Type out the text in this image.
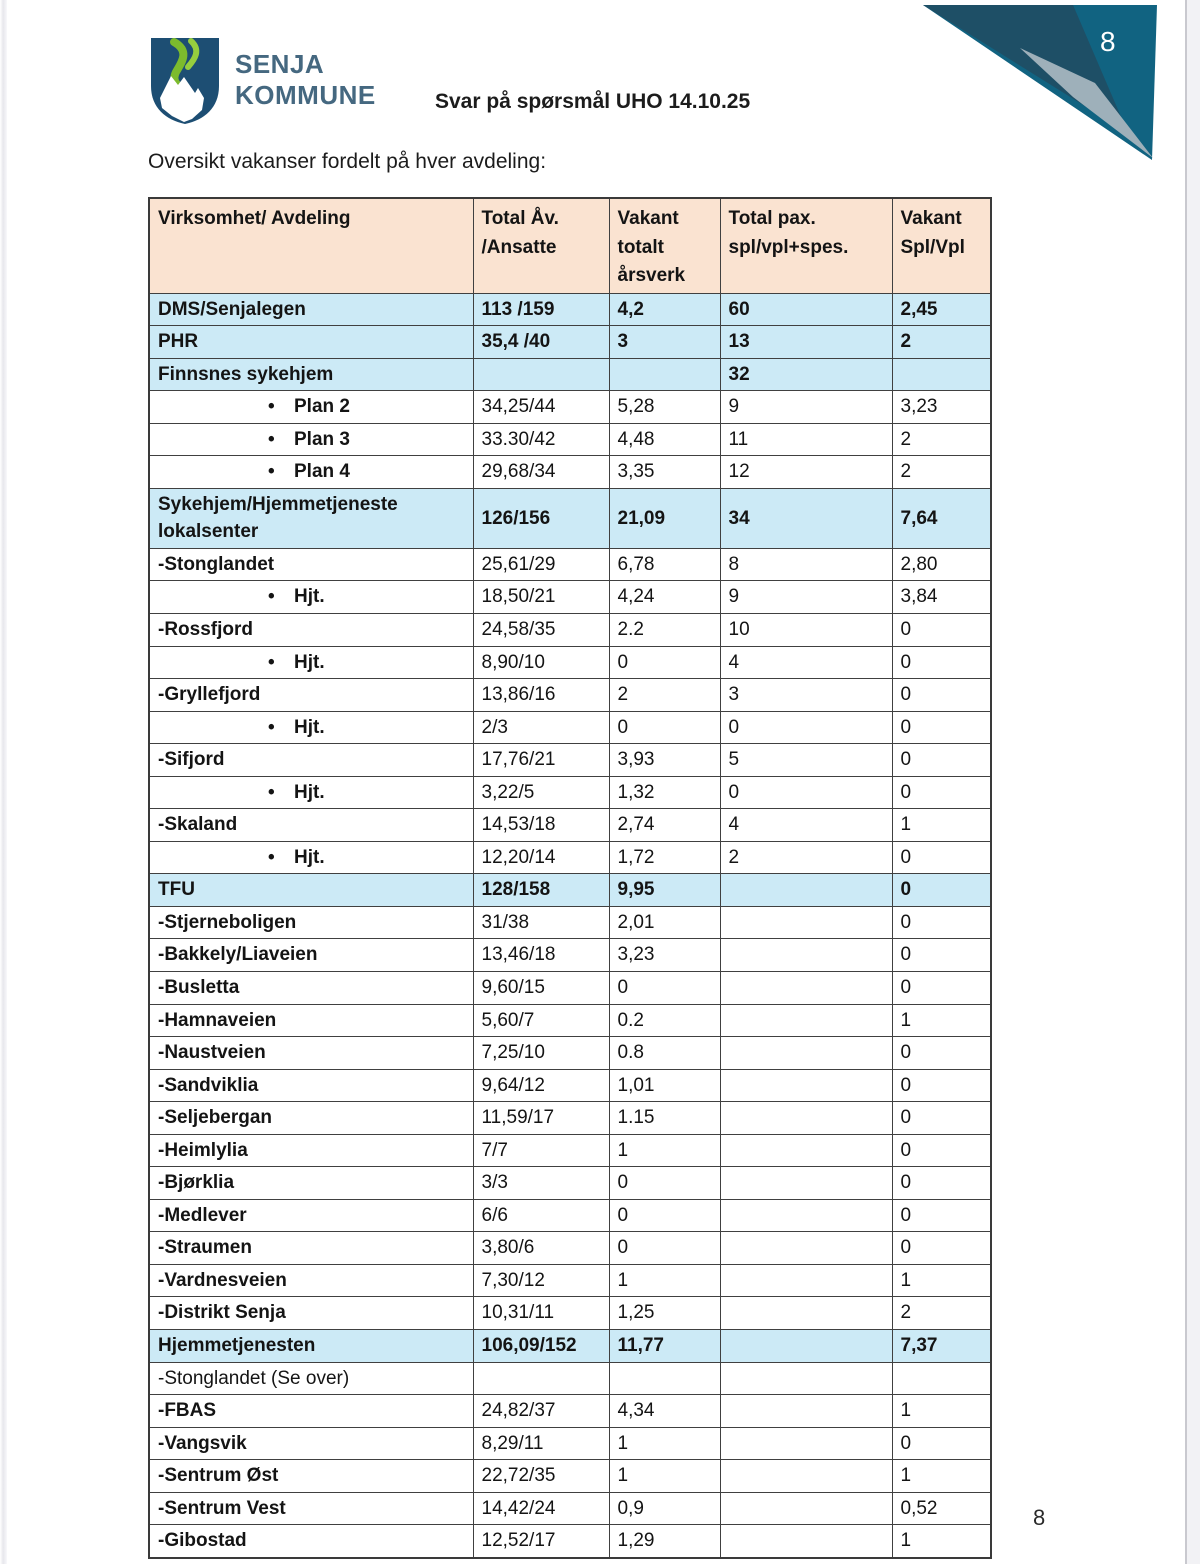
8
SENJA
KOMMUNE	Svar på spørsmål UHO 14.10.25
Oversikt vakanser fordelt på hver avdeling:
Virksomhet/ Avdeling	Total Åv. /Ansatte	Vakant totalt årsverk	Total pax. spl/vpl+spes.	Vakant Spl/Vpl
DMS/Senjalegen	113 /159	4,2	60	2,45
PHR	35,4 /40	3	13	2
Finnsnes sykehjem			32	
• Plan 2	34,25/44	5,28	9	3,23
• Plan 3	33.30/42	4,48	11	2
• Plan 4	29,68/34	3,35	12	2
Sykehjem/Hjemmetjeneste lokalsenter	126/156	21,09	34	7,64
-Stonglandet	25,61/29	6,78	8	2,80
• Hjt.	18,50/21	4,24	9	3,84
-Rossfjord	24,58/35	2.2	10	0
• Hjt.	8,90/10	0	4	0
-Gryllefjord	13,86/16	2	3	0
• Hjt.	2/3	0	0	0
-Sifjord	17,76/21	3,93	5	0
• Hjt.	3,22/5	1,32	0	0
-Skaland	14,53/18	2,74	4	1
• Hjt.	12,20/14	1,72	2	0
TFU	128/158	9,95		0
-Stjerneboligen	31/38	2,01		0
-Bakkely/Liaveien	13,46/18	3,23		0
-Busletta	9,60/15	0		0
-Hamnaveien	5,60/7	0.2		1
-Naustveien	7,25/10	0.8		0
-Sandviklia	9,64/12	1,01		0
-Seljebergan	11,59/17	1.15		0
-Heimlylia	7/7	1		0
-Bjørklia	3/3	0		0
-Medlever	6/6	0		0
-Straumen	3,80/6	0		0
-Vardnesveien	7,30/12	1		1
-Distrikt Senja	10,31/11	1,25		2
Hjemmetjenesten	106,09/152	11,77		7,37
-Stonglandet (Se over)				
-FBAS	24,82/37	4,34		1
-Vangsvik	8,29/11	1		0
-Sentrum Øst	22,72/35	1		1
-Sentrum Vest	14,42/24	0,9		0,52
-Gibostad	12,52/17	1,29		1
8
